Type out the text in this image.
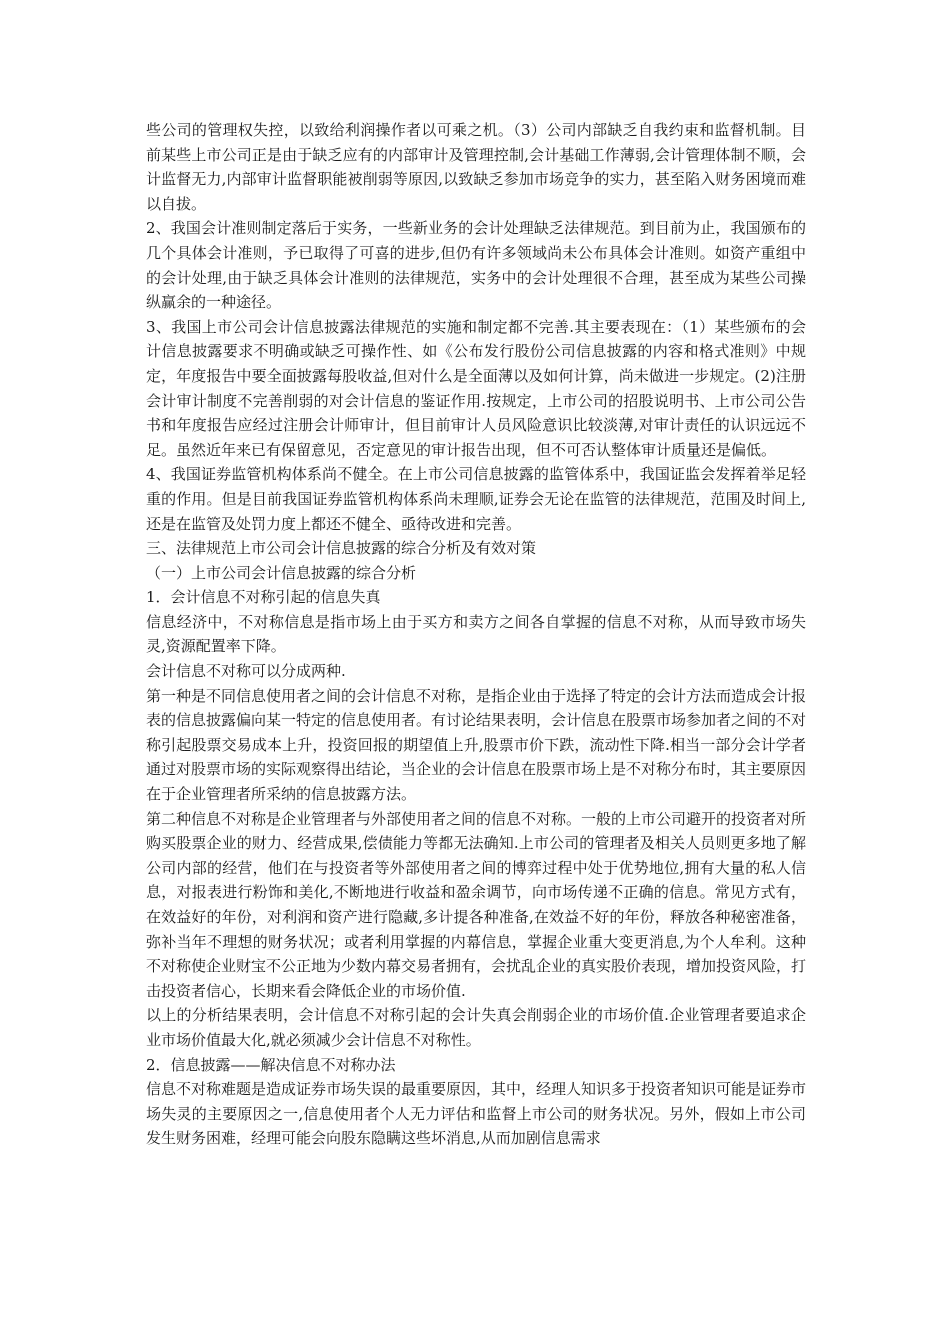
些公司的管理权失控，以致给利润操作者以可乘之机。（3）公司内部缺乏自我约束和监督机制。目前某些上市公司正是由于缺乏应有的内部审计及管理控制,会计基础工作薄弱,会计管理体制不顺，会计监督无力,内部审计监督职能被削弱等原因,以致缺乏参加市场竞争的实力，甚至陷入财务困境而难以自拔。

2、我国会计准则制定落后于实务，一些新业务的会计处理缺乏法律规范。到目前为止，我国颁布的几个具体会计准则，予已取得了可喜的进步,但仍有许多领域尚未公布具体会计准则。如资产重组中的会计处理,由于缺乏具体会计准则的法律规范，实务中的会计处理很不合理，甚至成为某些公司操纵赢余的一种途径。

3、我国上市公司会计信息披露法律规范的实施和制定都不完善.其主要表现在：（1）某些颁布的会计信息披露要求不明确或缺乏可操作性、如《公布发行股份公司信息披露的内容和格式准则》中规定，年度报告中要全面披露每股收益,但对什么是全面薄以及如何计算，尚未做进一步规定。(2)注册会计审计制度不完善削弱的对会计信息的鉴证作用.按规定，上市公司的招股说明书、上市公司公告书和年度报告应经过注册会计师审计，但目前审计人员风险意识比较淡薄,对审计责任的认识远远不足。虽然近年来已有保留意见，否定意见的审计报告出现，但不可否认整体审计质量还是偏低。

4、我国证券监管机构体系尚不健全。在上市公司信息披露的监管体系中，我国证监会发挥着举足轻重的作用。但是目前我国证券监管机构体系尚未理顺,证券会无论在监管的法律规范，范围及时间上,还是在监管及处罚力度上都还不健全、亟待改进和完善。

三、法律规范上市公司会计信息披露的综合分析及有效对策

（一）上市公司会计信息披露的综合分析

1．会计信息不对称引起的信息失真

信息经济中，不对称信息是指市场上由于买方和卖方之间各自掌握的信息不对称，从而导致市场失灵,资源配置率下降。

会计信息不对称可以分成两种.

第一种是不同信息使用者之间的会计信息不对称，是指企业由于选择了特定的会计方法而造成会计报表的信息披露偏向某一特定的信息使用者。有讨论结果表明，会计信息在股票市场参加者之间的不对称引起股票交易成本上升，投资回报的期望值上升,股票市价下跌，流动性下降.相当一部分会计学者通过对股票市场的实际观察得出结论，当企业的会计信息在股票市场上是不对称分布时，其主要原因在于企业管理者所采纳的信息披露方法。

第二种信息不对称是企业管理者与外部使用者之间的信息不对称。一般的上市公司避开的投资者对所购买股票企业的财力、经营成果,偿债能力等都无法确知.上市公司的管理者及相关人员则更多地了解公司内部的经营，他们在与投资者等外部使用者之间的博弈过程中处于优势地位,拥有大量的私人信息，对报表进行粉饰和美化,不断地进行收益和盈余调节，向市场传递不正确的信息。常见方式有，在效益好的年份，对利润和资产进行隐藏,多计提各种准备,在效益不好的年份，释放各种秘密准备，弥补当年不理想的财务状况；或者利用掌握的内幕信息，掌握企业重大变更消息,为个人牟利。这种不对称使企业财宝不公正地为少数内幕交易者拥有，会扰乱企业的真实股价表现，增加投资风险，打击投资者信心，长期来看会降低企业的市场价值.

以上的分析结果表明，会计信息不对称引起的会计失真会削弱企业的市场价值.企业管理者要追求企业市场价值最大化,就必须减少会计信息不对称性。

2．信息披露——解决信息不对称办法

信息不对称难题是造成证券市场失误的最重要原因，其中，经理人知识多于投资者知识可能是证券市场失灵的主要原因之一,信息使用者个人无力评估和监督上市公司的财务状况。另外，假如上市公司发生财务困难，经理可能会向股东隐瞒这些坏消息,从而加剧信息需求
